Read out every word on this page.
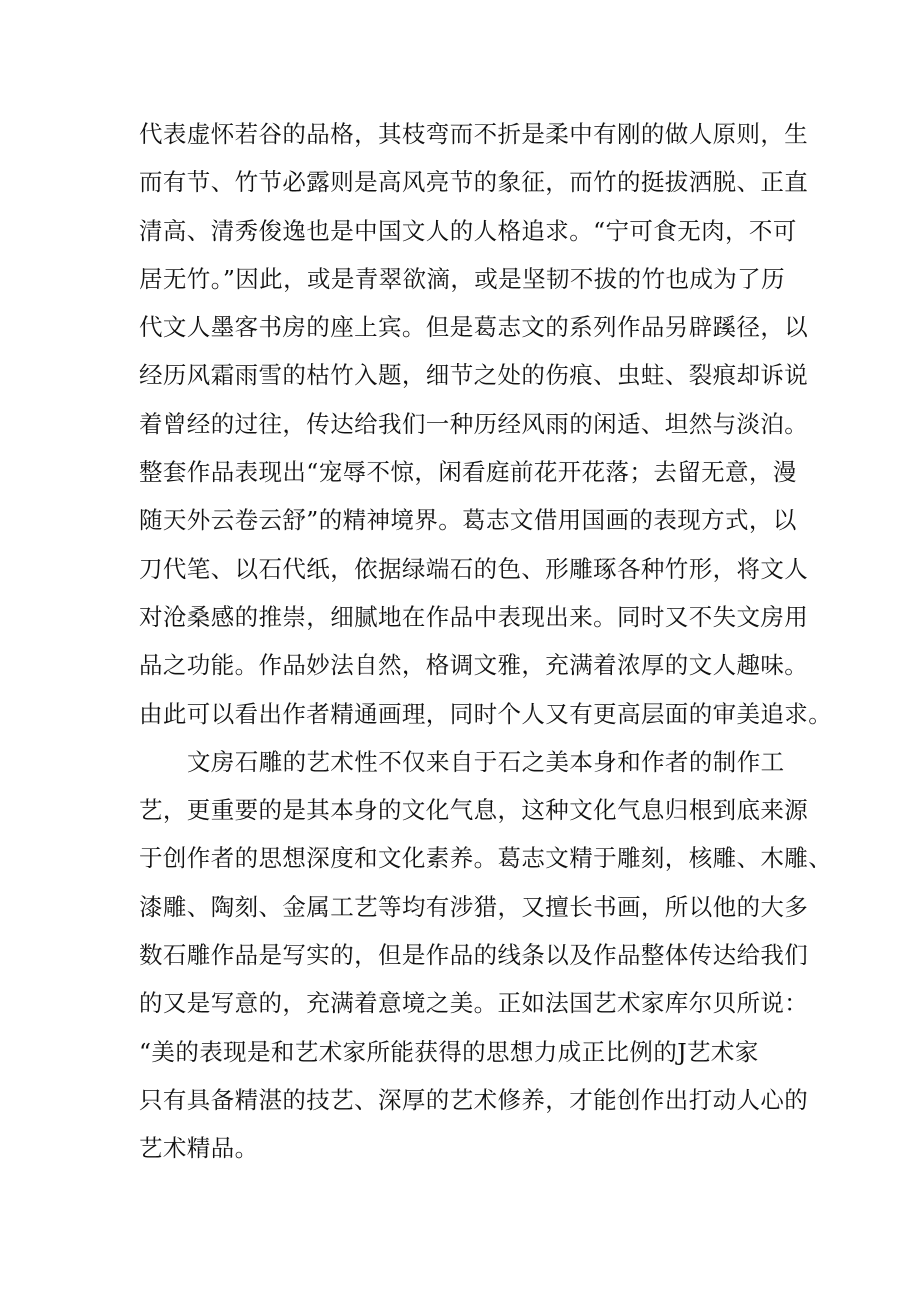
代表虚怀若谷的品格，其枝弯而不折是柔中有刚的做人原则，生
而有节、竹节必露则是高风亮节的象征，而竹的挺拔洒脱、正直
清高、清秀俊逸也是中国文人的人格追求。“宁可食无肉，不可
居无竹。”因此，或是青翠欲滴，或是坚韧不拔的竹也成为了历
代文人墨客书房的座上宾。但是葛志文的系列作品另辟蹊径，以
经历风霜雨雪的枯竹入题，细节之处的伤痕、虫蛀、裂痕却诉说
着曾经的过往，传达给我们一种历经风雨的闲适、坦然与淡泊。
整套作品表现出“宠辱不惊，闲看庭前花开花落；去留无意，漫
随天外云卷云舒”的精神境界。葛志文借用国画的表现方式，以
刀代笔、以石代纸，依据绿端石的色、形雕琢各种竹形，将文人
对沧桑感的推崇，细腻地在作品中表现出来。同时又不失文房用
品之功能。作品妙法自然，格调文雅，充满着浓厚的文人趣味。
由此可以看出作者精通画理，同时个人又有更高层面的审美追求。
文房石雕的艺术性不仅来自于石之美本身和作者的制作工
艺，更重要的是其本身的文化气息，这种文化气息归根到底来源
于创作者的思想深度和文化素养。葛志文精于雕刻，核雕、木雕、
漆雕、陶刻、金属工艺等均有涉猎，又擅长书画，所以他的大多
数石雕作品是写实的，但是作品的线条以及作品整体传达给我们
的又是写意的，充满着意境之美。正如法国艺术家库尔贝所说：
“美的表现是和艺术家所能获得的思想力成正比例的J艺术家
只有具备精湛的技艺、深厚的艺术修养，才能创作出打动人心的
艺术精品。
